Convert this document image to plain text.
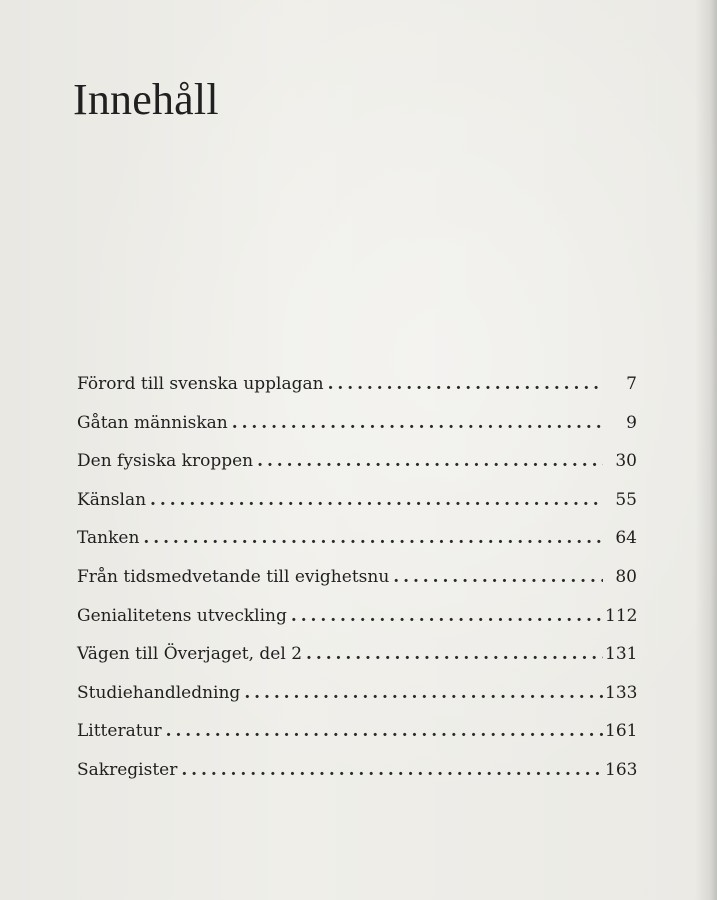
Innehåll
Förord till svenska upplagan . . .	7
Gåtan människan . . .	9
Den fysiska kroppen . . .	30
Känslan . . .	55
Tanken . . .	64
Från tidsmedvetande till evighetsnu . . .	80
Genialitetens utveckling . . .	112
Vägen till Överjaget, del 2 . . .	131
Studiehandledning . . .	133
Litteratur . . .	161
Sakregister . . .	163
